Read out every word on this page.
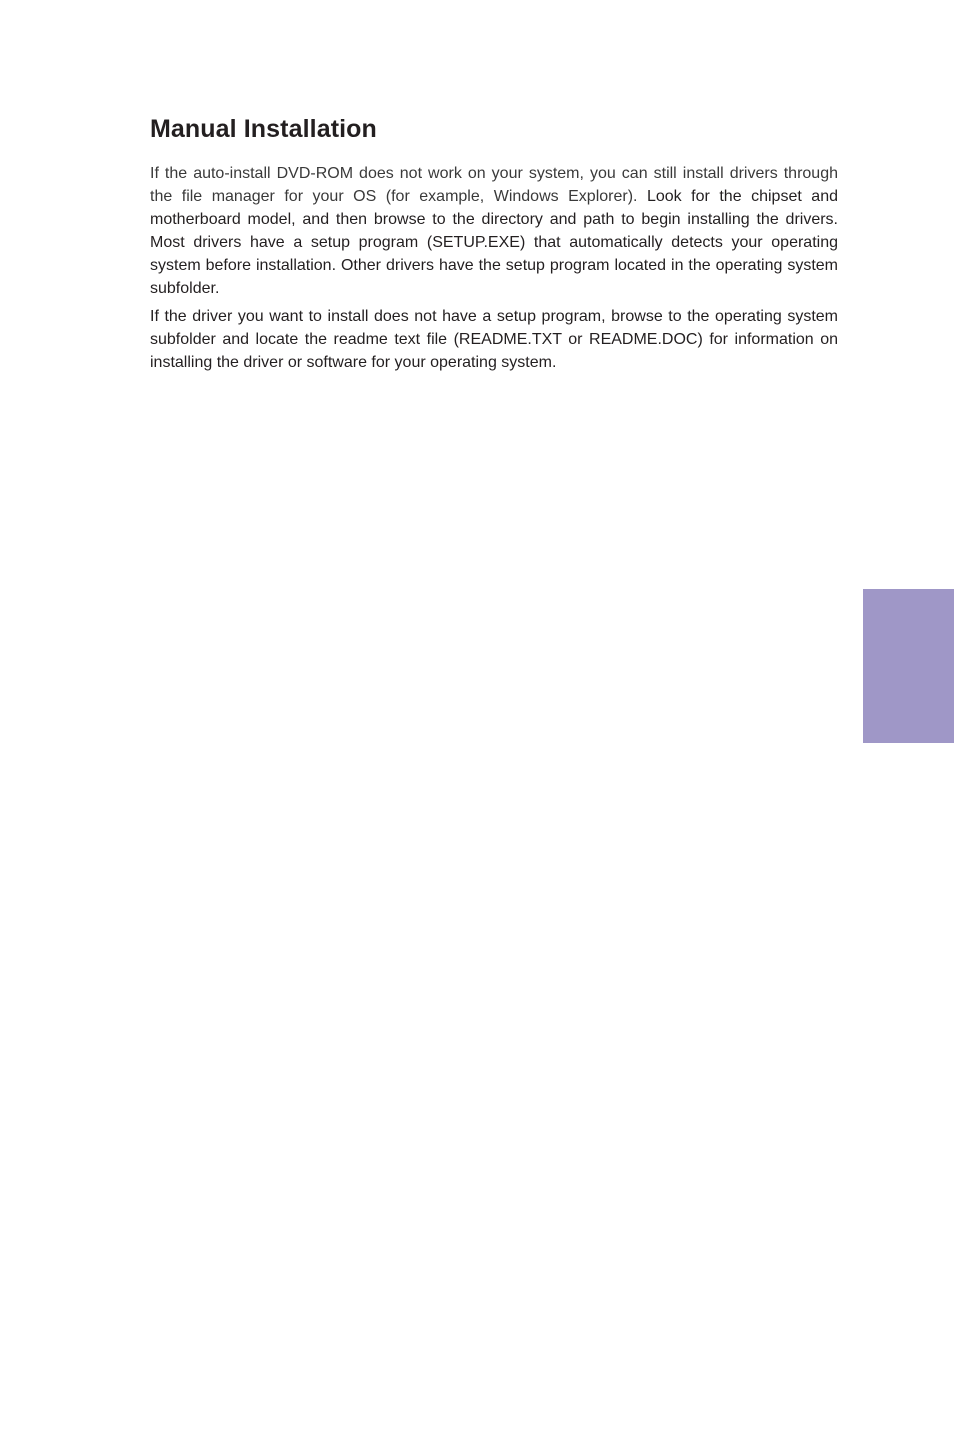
Manual Installation

If the auto-install DVD-ROM does not work on your system, you can still install drivers through the file manager for your OS (for example, Windows Explorer). Look for the chipset and motherboard model, and then browse to the directory and path to begin installing the drivers. Most drivers have a setup program (SETUP.EXE) that automatically detects your operating system before installation. Other drivers have the setup program located in the operating system subfolder.

If the driver you want to install does not have a setup program, browse to the operating system subfolder and locate the readme text file (README.TXT or README.DOC) for information on installing the driver or software for your operating system.
